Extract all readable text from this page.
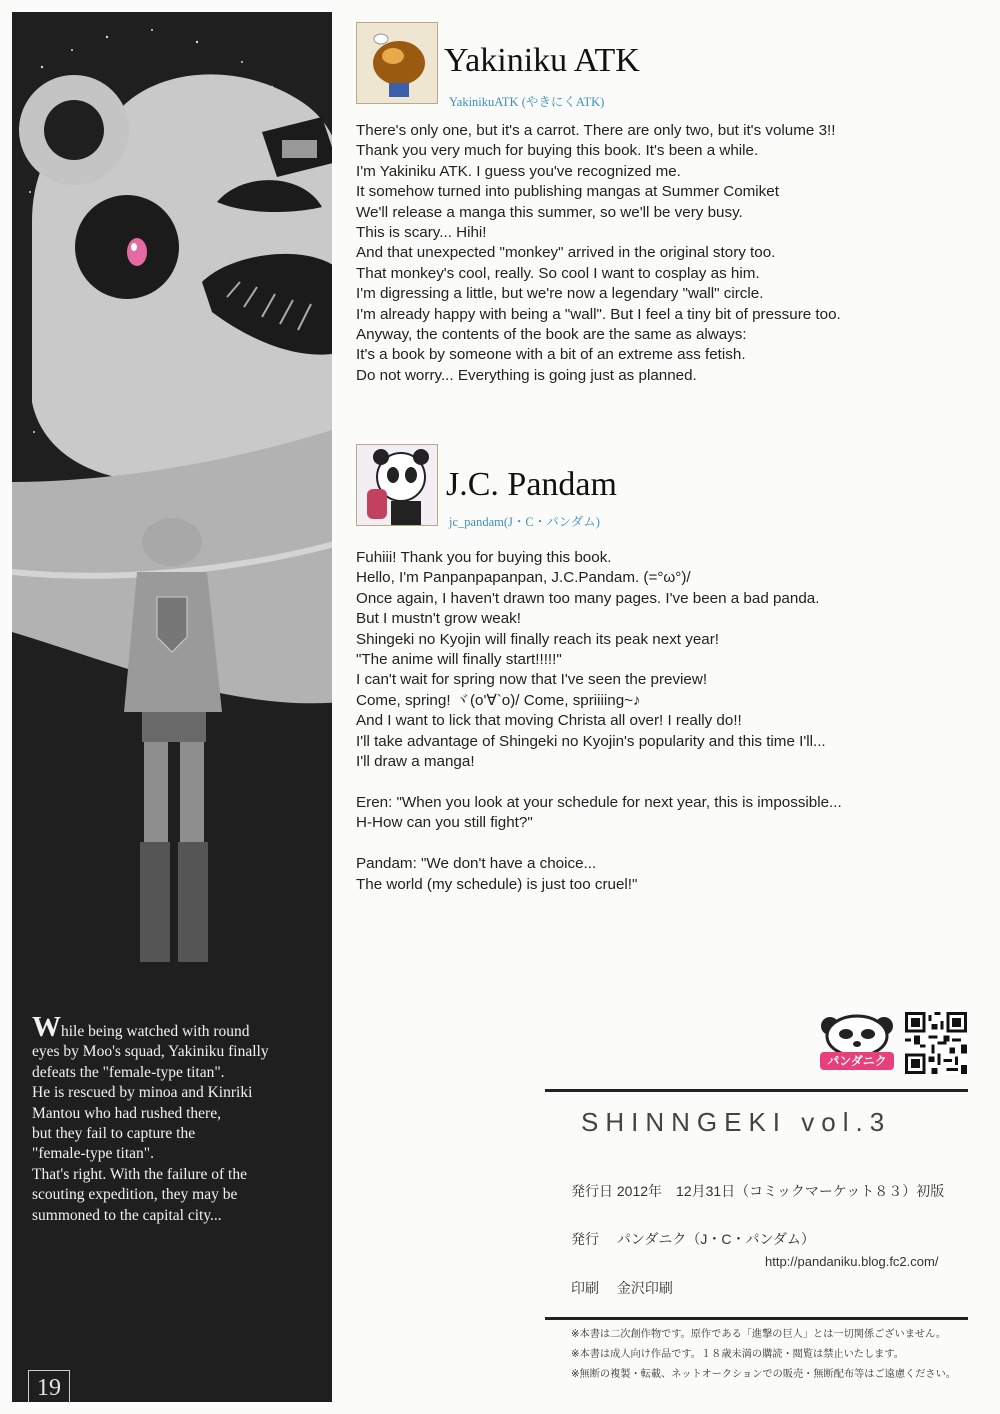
While being watched with round
eyes by Moo's squad, Yakiniku finally
defeats the "female-type titan".
He is rescued by minoa and Kinriki
Mantou who had rushed there,
but they fail to capture the
"female-type titan".
That's right. With the failure of the
scouting expedition, they may be
summoned to the capital city...
19
Yakiniku ATK
YakinikuATK (やきにくATK)
There's only one, but it's a carrot. There are only two, but it's volume 3!!
Thank you very much for buying this book. It's been a while.
I'm Yakiniku ATK. I guess you've recognized me.
It somehow turned into publishing mangas at Summer Comiket
We'll release a manga this summer, so we'll be very busy.
This is scary... Hihi!
And that unexpected "monkey" arrived in the original story too.
That monkey's cool, really. So cool I want to cosplay as him.
I'm digressing a little, but we're now a legendary "wall" circle.
I'm already happy with being a "wall". But I feel a tiny bit of pressure too.
Anyway, the contents of the book are the same as always:
It's a book by someone with a bit of an extreme ass fetish.
Do not worry... Everything is going just as planned.
J.C. Pandam
jc_pandam(J・C・パンダム)
Fuhiii! Thank you for buying this book.
Hello, I'm Panpanpapanpan, J.C.Pandam. (=°ω°)/
Once again, I haven't drawn too many pages. I've been a bad panda.
But I mustn't grow weak!
Shingeki no Kyojin will finally reach its peak next year!
"The anime will finally start!!!!!"
I can't wait for spring now that I've seen the preview!
Come, spring! ヾ(o'∀`o)/ Come, spriiiing~♪
And I want to lick that moving Christa all over! I really do!!
I'll take advantage of Shingeki no Kyojin's popularity and this time I'll...
I'll draw a manga!

Eren: "When you look at your schedule for next year, this is impossible...
H-How can you still fight?"

Pandam: "We don't have a choice...
The world (my schedule) is just too cruel!"
パンダニク
SHINNGEKI vol.3
発行日 2012年　12月31日（コミックマーケット８３）初版
発行 パンダニク（J・C・パンダム）
http://pandaniku.blog.fc2.com/
印刷 金沢印刷
※本書は二次創作物です。原作である「進撃の巨人」とは一切関係ございません。
※本書は成人向け作品です。１８歳未満の購読・閲覧は禁止いたします。
※無断の複製・転載、ネットオークションでの販売・無断配布等はご遠慮ください。
